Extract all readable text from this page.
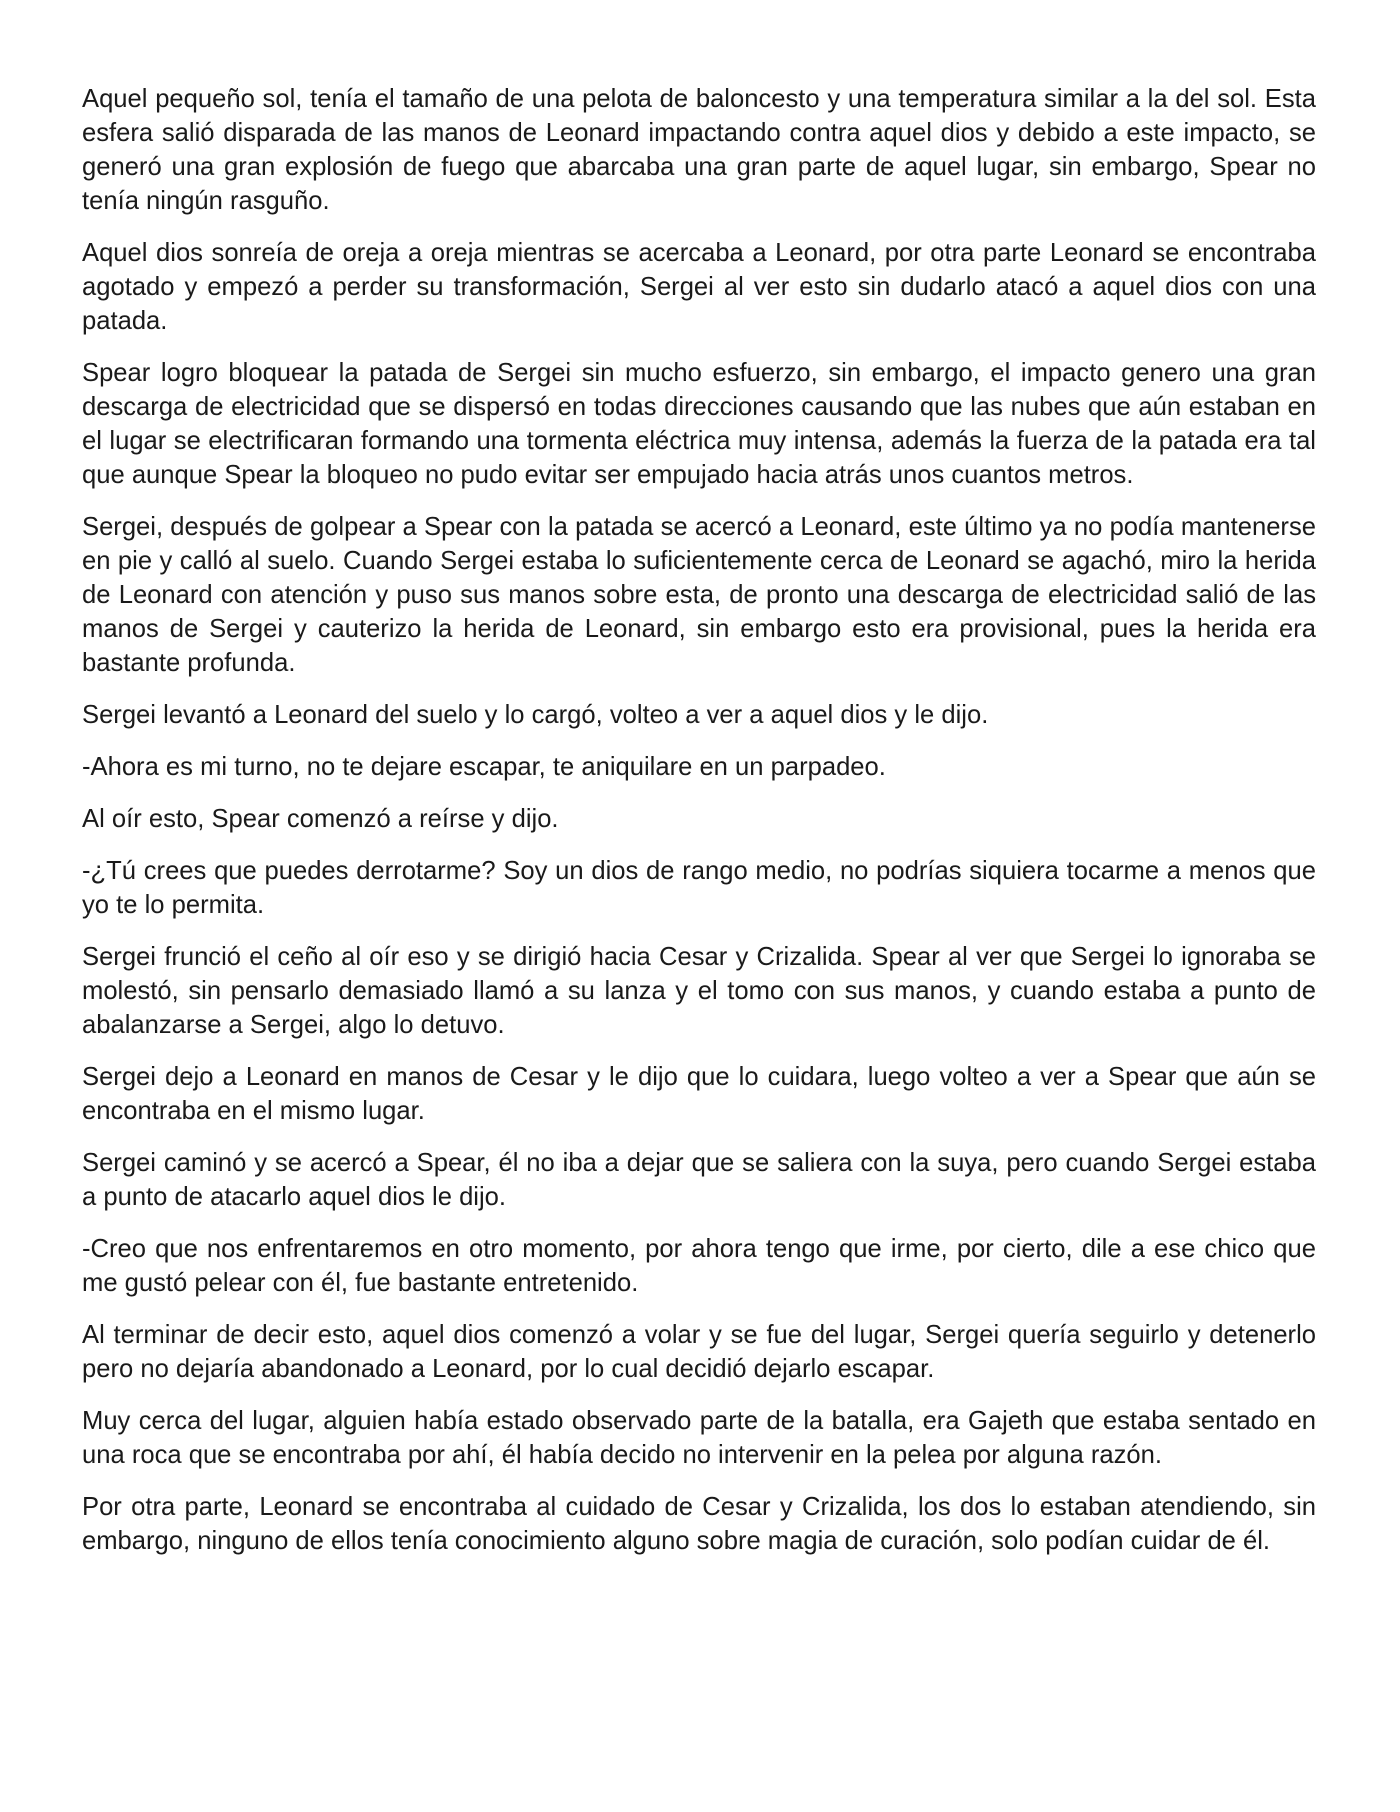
Aquel pequeño sol, tenía el tamaño de una pelota de baloncesto y una temperatura similar a la del sol. Esta esfera salió disparada de las manos de Leonard impactando contra aquel dios y debido a este impacto, se generó una gran explosión de fuego que abarcaba una gran parte de aquel lugar, sin embargo, Spear no tenía ningún rasguño.

Aquel dios sonreía de oreja a oreja mientras se acercaba a Leonard, por otra parte Leonard se encontraba agotado y empezó a perder su transformación, Sergei al ver esto sin dudarlo atacó a aquel dios con una patada.

Spear logro bloquear la patada de Sergei sin mucho esfuerzo, sin embargo, el impacto genero una gran descarga de electricidad que se dispersó en todas direcciones causando que las nubes que aún estaban en el lugar se electrificaran formando una tormenta eléctrica muy intensa, además la fuerza de la patada era tal que aunque Spear la bloqueo no pudo evitar ser empujado hacia atrás unos cuantos metros.

Sergei, después de golpear a Spear con la patada se acercó a Leonard, este último ya no podía mantenerse en pie y calló al suelo. Cuando Sergei estaba lo suficientemente cerca de Leonard se agachó, miro la herida de Leonard con atención y puso sus manos sobre esta, de pronto una descarga de electricidad salió de las manos de Sergei y cauterizo la herida de Leonard, sin embargo esto era provisional, pues la herida era bastante profunda.

Sergei levantó a Leonard del suelo y lo cargó, volteo a ver a aquel dios y le dijo.

-Ahora es mi turno, no te dejare escapar, te aniquilare en un parpadeo.

Al oír esto, Spear comenzó a reírse y dijo.

-¿Tú crees que puedes derrotarme? Soy un dios de rango medio, no podrías siquiera tocarme a menos que yo te lo permita.

Sergei frunció el ceño al oír eso y se dirigió hacia Cesar y Crizalida. Spear al ver que Sergei lo ignoraba se molestó, sin pensarlo demasiado llamó a su lanza y el tomo con sus manos, y cuando estaba a punto de abalanzarse a Sergei, algo lo detuvo.

Sergei dejo a Leonard en manos de Cesar y le dijo que lo cuidara, luego volteo a ver a Spear que aún se encontraba en el mismo lugar.

Sergei caminó y se acercó a Spear, él no iba a dejar que se saliera con la suya, pero cuando Sergei estaba a punto de atacarlo aquel dios le dijo.

-Creo que nos enfrentaremos en otro momento, por ahora tengo que irme, por cierto, dile a ese chico que me gustó pelear con él, fue bastante entretenido.

Al terminar de decir esto, aquel dios comenzó a volar y se fue del lugar, Sergei quería seguirlo y detenerlo pero no dejaría abandonado a Leonard, por lo cual decidió dejarlo escapar.

Muy cerca del lugar, alguien había estado observado parte de la batalla, era Gajeth que estaba sentado en una roca que se encontraba por ahí, él había decido no intervenir en la pelea por alguna razón.

Por otra parte, Leonard se encontraba al cuidado de Cesar y Crizalida, los dos lo estaban atendiendo, sin embargo, ninguno de ellos tenía conocimiento alguno sobre magia de curación, solo podían cuidar de él.
